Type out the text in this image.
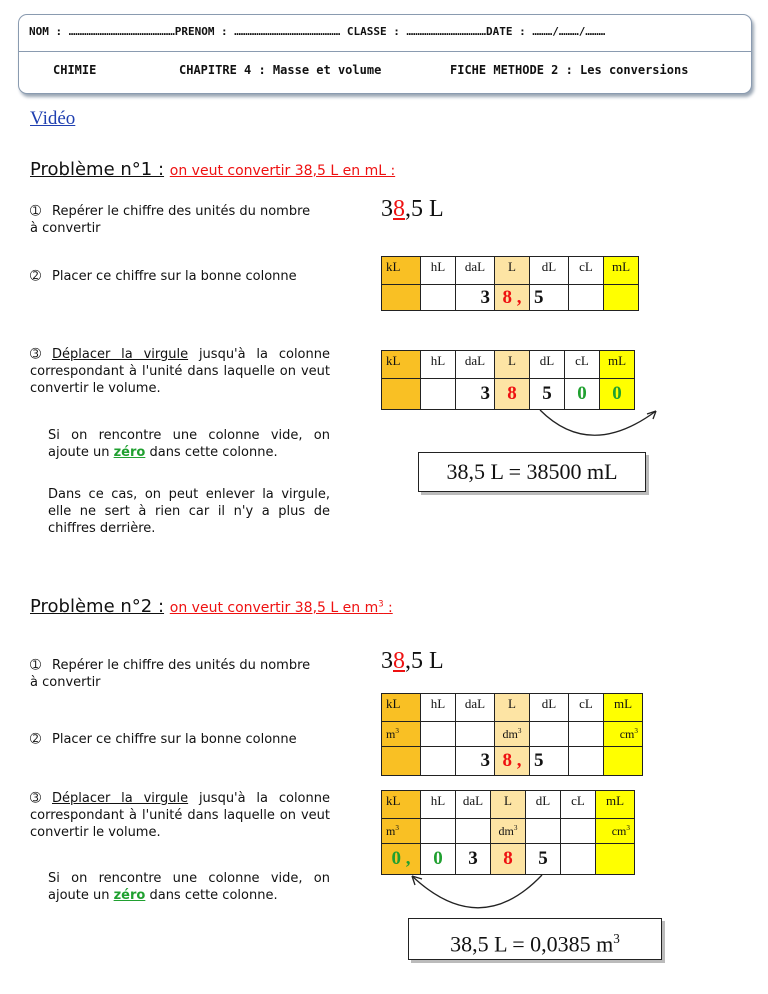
NOM : …………………………………………PRENOM : ………………………………………… CLASSE : ………………………………DATE : ………/………/………
CHIMIE	CHAPITRE 4 : Masse et volume	FICHE METHODE 2 : Les conversions
Vidéo
Problème n°1 : on veut convertir 38,5 L en mL :
➀ Repérer le chiffre des unités du nombre à convertir
38,5 L
➁ Placer ce chiffre sur la bonne colonne
kL	hL	daL	L	dL	cL	mL
		3	8 ,	5		
➂ Déplacer la virgule jusqu'à la colonne correspondant à l'unité dans laquelle on veut convertir le volume.
kL	hL	daL	L	dL	cL	mL
		3	8	5	0	0
Si on rencontre une colonne vide, on ajoute un zéro dans cette colonne.
38,5 L = 38500 mL
Dans ce cas, on peut enlever la virgule, elle ne sert à rien car il n'y a plus de chiffres derrière.
Problème n°2 : on veut convertir 38,5 L en $m^3$ :
➀ Repérer le chiffre des unités du nombre à convertir
38,5 L
kL	hL	daL	L	dL	cL	mL
$m^3$			$dm^3$			$cm^3$
		3	8 ,	5		
➁ Placer ce chiffre sur la bonne colonne
➂ Déplacer la virgule jusqu'à la colonne correspondant à l'unité dans laquelle on veut convertir le volume.
kL	hL	daL	L	dL	cL	mL
$m^3$			$dm^3$			$cm^3$
0 ,	0	3	8	5		
Si on rencontre une colonne vide, on ajoute un zéro dans cette colonne.
38,5 L = 0,0385 $m^3$
